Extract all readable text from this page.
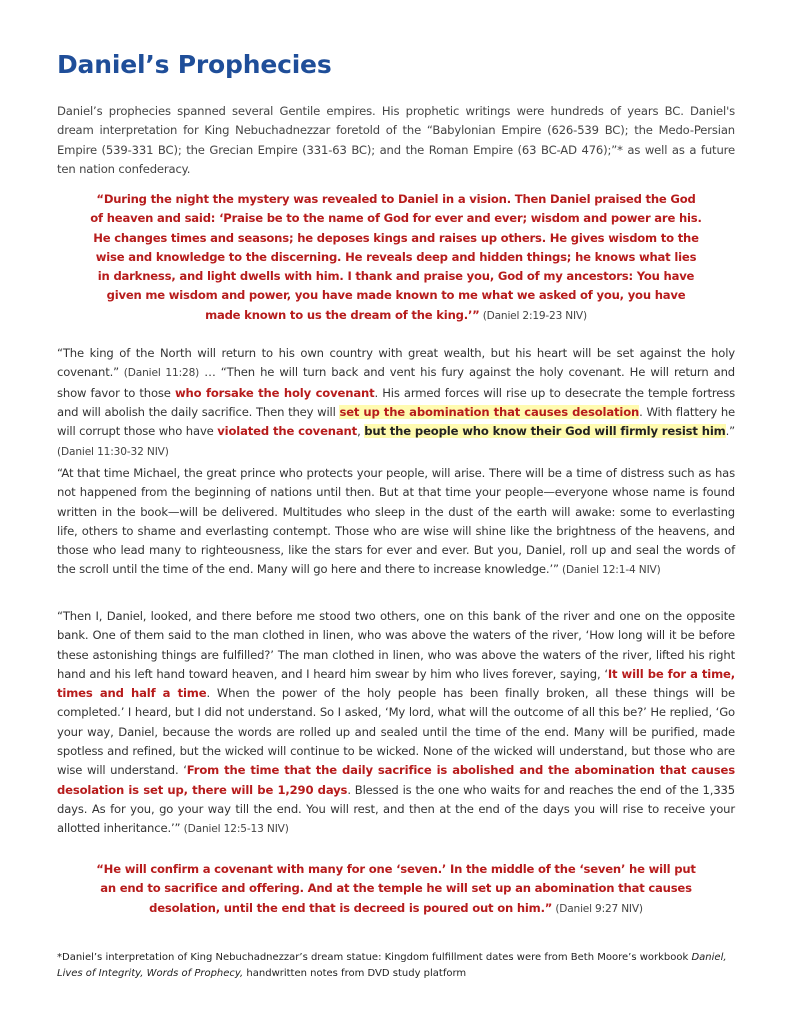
Daniel’s Prophecies

Daniel’s prophecies spanned several Gentile empires. His prophetic writings were hundreds of years BC. Daniel's dream interpretation for King Nebuchadnezzar foretold of the “Babylonian Empire (626-539 BC); the Medo-Persian Empire (539-331 BC); the Grecian Empire (331-63 BC); and the Roman Empire (63 BC-AD 476);”* as well as a future ten nation confederacy.

“During the night the mystery was revealed to Daniel in a vision. Then Daniel praised the God of heaven and said: ‘Praise be to the name of God for ever and ever; wisdom and power are his. He changes times and seasons; he deposes kings and raises up others. He gives wisdom to the wise and knowledge to the discerning. He reveals deep and hidden things; he knows what lies in darkness, and light dwells with him. I thank and praise you, God of my ancestors: You have given me wisdom and power, you have made known to me what we asked of you, you have made known to us the dream of the king.’” (Daniel 2:19-23 NIV)

“The king of the North will return to his own country with great wealth, but his heart will be set against the holy covenant.” (Daniel 11:28) … “Then he will turn back and vent his fury against the holy covenant. He will return and show favor to those who forsake the holy covenant. His armed forces will rise up to desecrate the temple fortress and will abolish the daily sacrifice. Then they will set up the abomination that causes desolation. With flattery he will corrupt those who have violated the covenant, but the people who know their God will firmly resist him.” (Daniel 11:30-32 NIV)

“At that time Michael, the great prince who protects your people, will arise. There will be a time of distress such as has not happened from the beginning of nations until then. But at that time your people—everyone whose name is found written in the book—will be delivered. Multitudes who sleep in the dust of the earth will awake: some to everlasting life, others to shame and everlasting contempt. Those who are wise will shine like the brightness of the heavens, and those who lead many to righteousness, like the stars for ever and ever. But you, Daniel, roll up and seal the words of the scroll until the time of the end. Many will go here and there to increase knowledge.’” (Daniel 12:1-4 NIV)

“Then I, Daniel, looked, and there before me stood two others, one on this bank of the river and one on the opposite bank. One of them said to the man clothed in linen, who was above the waters of the river, ‘How long will it be before these astonishing things are fulfilled?’ The man clothed in linen, who was above the waters of the river, lifted his right hand and his left hand toward heaven, and I heard him swear by him who lives forever, saying, ‘It will be for a time, times and half a time. When the power of the holy people has been finally broken, all these things will be completed.’ I heard, but I did not understand. So I asked, ‘My lord, what will the outcome of all this be?’ He replied, ‘Go your way, Daniel, because the words are rolled up and sealed until the time of the end. Many will be purified, made spotless and refined, but the wicked will continue to be wicked. None of the wicked will understand, but those who are wise will understand. ‘From the time that the daily sacrifice is abolished and the abomination that causes desolation is set up, there will be 1,290 days. Blessed is the one who waits for and reaches the end of the 1,335 days. As for you, go your way till the end. You will rest, and then at the end of the days you will rise to receive your allotted inheritance.’” (Daniel 12:5-13 NIV)

“He will confirm a covenant with many for one ‘seven.’ In the middle of the ‘seven’ he will put an end to sacrifice and offering. And at the temple he will set up an abomination that causes desolation, until the end that is decreed is poured out on him.” (Daniel 9:27 NIV)

*Daniel’s interpretation of King Nebuchadnezzar’s dream statue: Kingdom fulfillment dates were from Beth Moore’s workbook Daniel, Lives of Integrity, Words of Prophecy, handwritten notes from DVD study platform
